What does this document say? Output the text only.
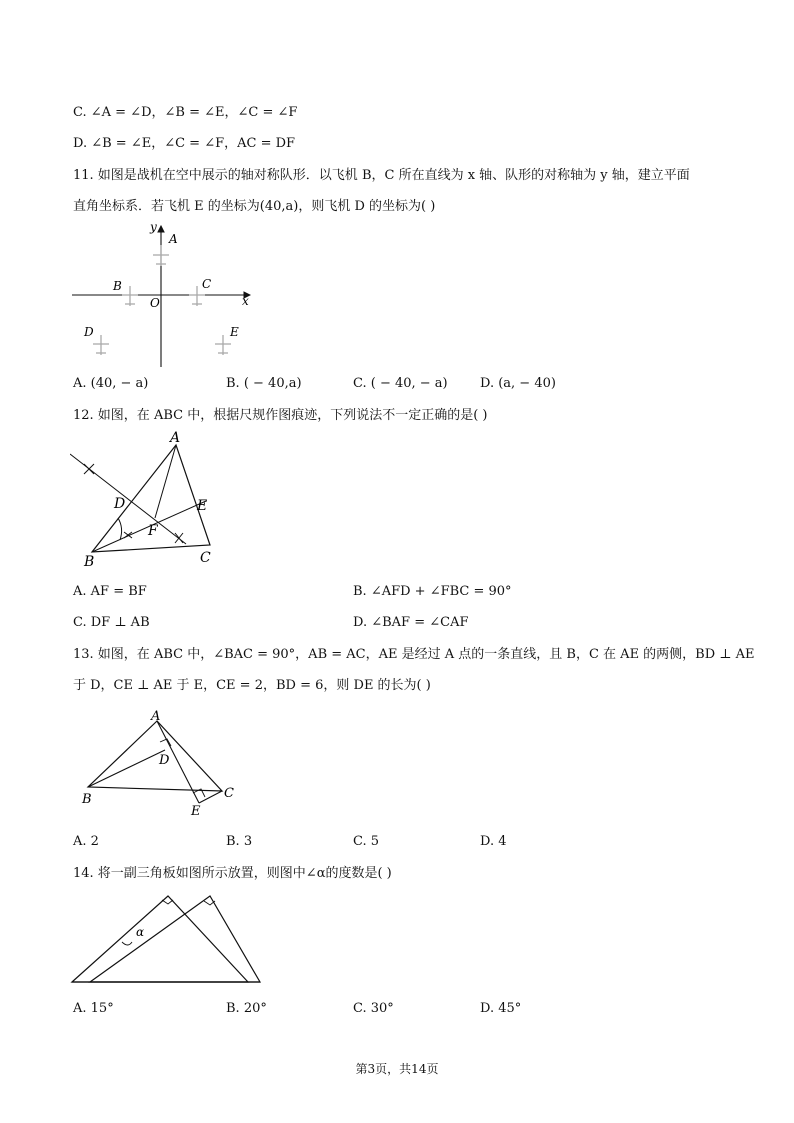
C. ∠A = ∠D，∠B = ∠E，∠C = ∠F
D. ∠B = ∠E，∠C = ∠F，AC = DF
11. 如图是战机在空中展示的轴对称队形．以飞机 B，C 所在直线为 x 轴、队形的对称轴为 y 轴，建立平面
直角坐标系．若飞机 E 的坐标为(40,a)，则飞机 D 的坐标为( )
y
x
O
A
B	C
D	E
A. (40, − a)	B. ( − 40,a)	C. ( − 40, − a) D. (a, − 40)
12. 如图，在 ABC 中，根据尺规作图痕迹，下列说法不一定正确的是( )
A
B	C
D	E
F
A. AF = BF	B. ∠AFD + ∠FBC = 90°
C. DF ⊥ AB	D. ∠BAF = ∠CAF
13. 如图，在 ABC 中，∠BAC = 90°，AB = AC，AE 是经过 A 点的一条直线，且 B，C 在 AE 的两侧，BD ⊥ AE
于 D，CE ⊥ AE 于 E，CE = 2，BD = 6，则 DE 的长为( )
A
B	C
D
E
A. 2	B. 3	C. 5	D. 4
14. 将一副三角板如图所示放置，则图中∠α的度数是( )
α
A. 15°	B. 20°	C. 30°	D. 45°
第3页，共14页
